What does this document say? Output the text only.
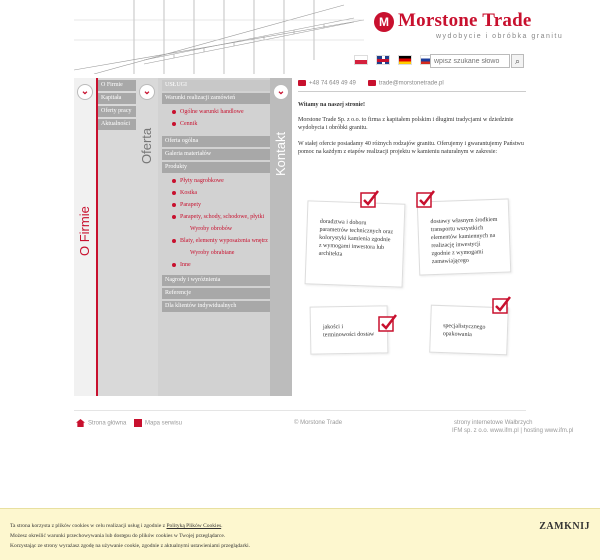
M Morstone Trade
wydobycie i obróbka granitu
wpisz szukane słowo
⌕
⌄
O Firmie
O Firmie
Kapitała
Oferty pracy
Aktualności
⌄
Oferta
USŁUGI
Warunki realizacji zamówień
Ogólne warunki handlowe
Cennik
Oferta ogólna
Galeria materiałów
Produkty
Płyty nagrobkowe
Kostka
Parapety
Parapety, schody, schodowe, płytki
Wyroby obrobów
Blaty, elementy wyposażenia wnętrz
Wyroby obrabiane
Inne
Nagrody i wyróżnienia
Referencje
Dla klientów indywidualnych
⌄
Kontakt
+48 74 649 49 49	trade@morstonetrade.pl
Witamy na naszej stronie!
Morstone Trade Sp. z o.o. to firma z kapitałem polskim i długimi tradycjami w dziedzinie wydobycia i obróbki granitu.
W stałej ofercie posiadamy 40 różnych rodzajów granitu. Oferujemy i gwarantujemy Państwu pomoc na każdym z etapów realizacji projektu w kamieniu naturalnym w zakresie:
doradztwa i doboru parametrów technicznych oraz kolorystyki kamienia zgodnie z wymogami inwestora lub architekta
dostawy własnym środkiem transportu wszystkich elementów kamiennych na realizację inwestycji zgodnie z wymogami zamawiającego
jakości i terminowości dostaw
specjalistycznego opakowania
Strona główna	Mapa serwisu	© Morstone Trade	strony internetowe Wałbrzych
IFM sp. z o.o. www.ifm.pl | hosting www.ifm.pl
Ta strona korzysta z plików cookies w celu realizacji usług i zgodnie z Polityką Plików Cookies.
Możesz określić warunki przechowywania lub dostępu do plików cookies w Twojej przeglądarce.
Korzystając ze strony wyrażasz zgodę na używanie cookie, zgodnie z aktualnymi ustawieniami przeglądarki.
ZAMKNIJ
